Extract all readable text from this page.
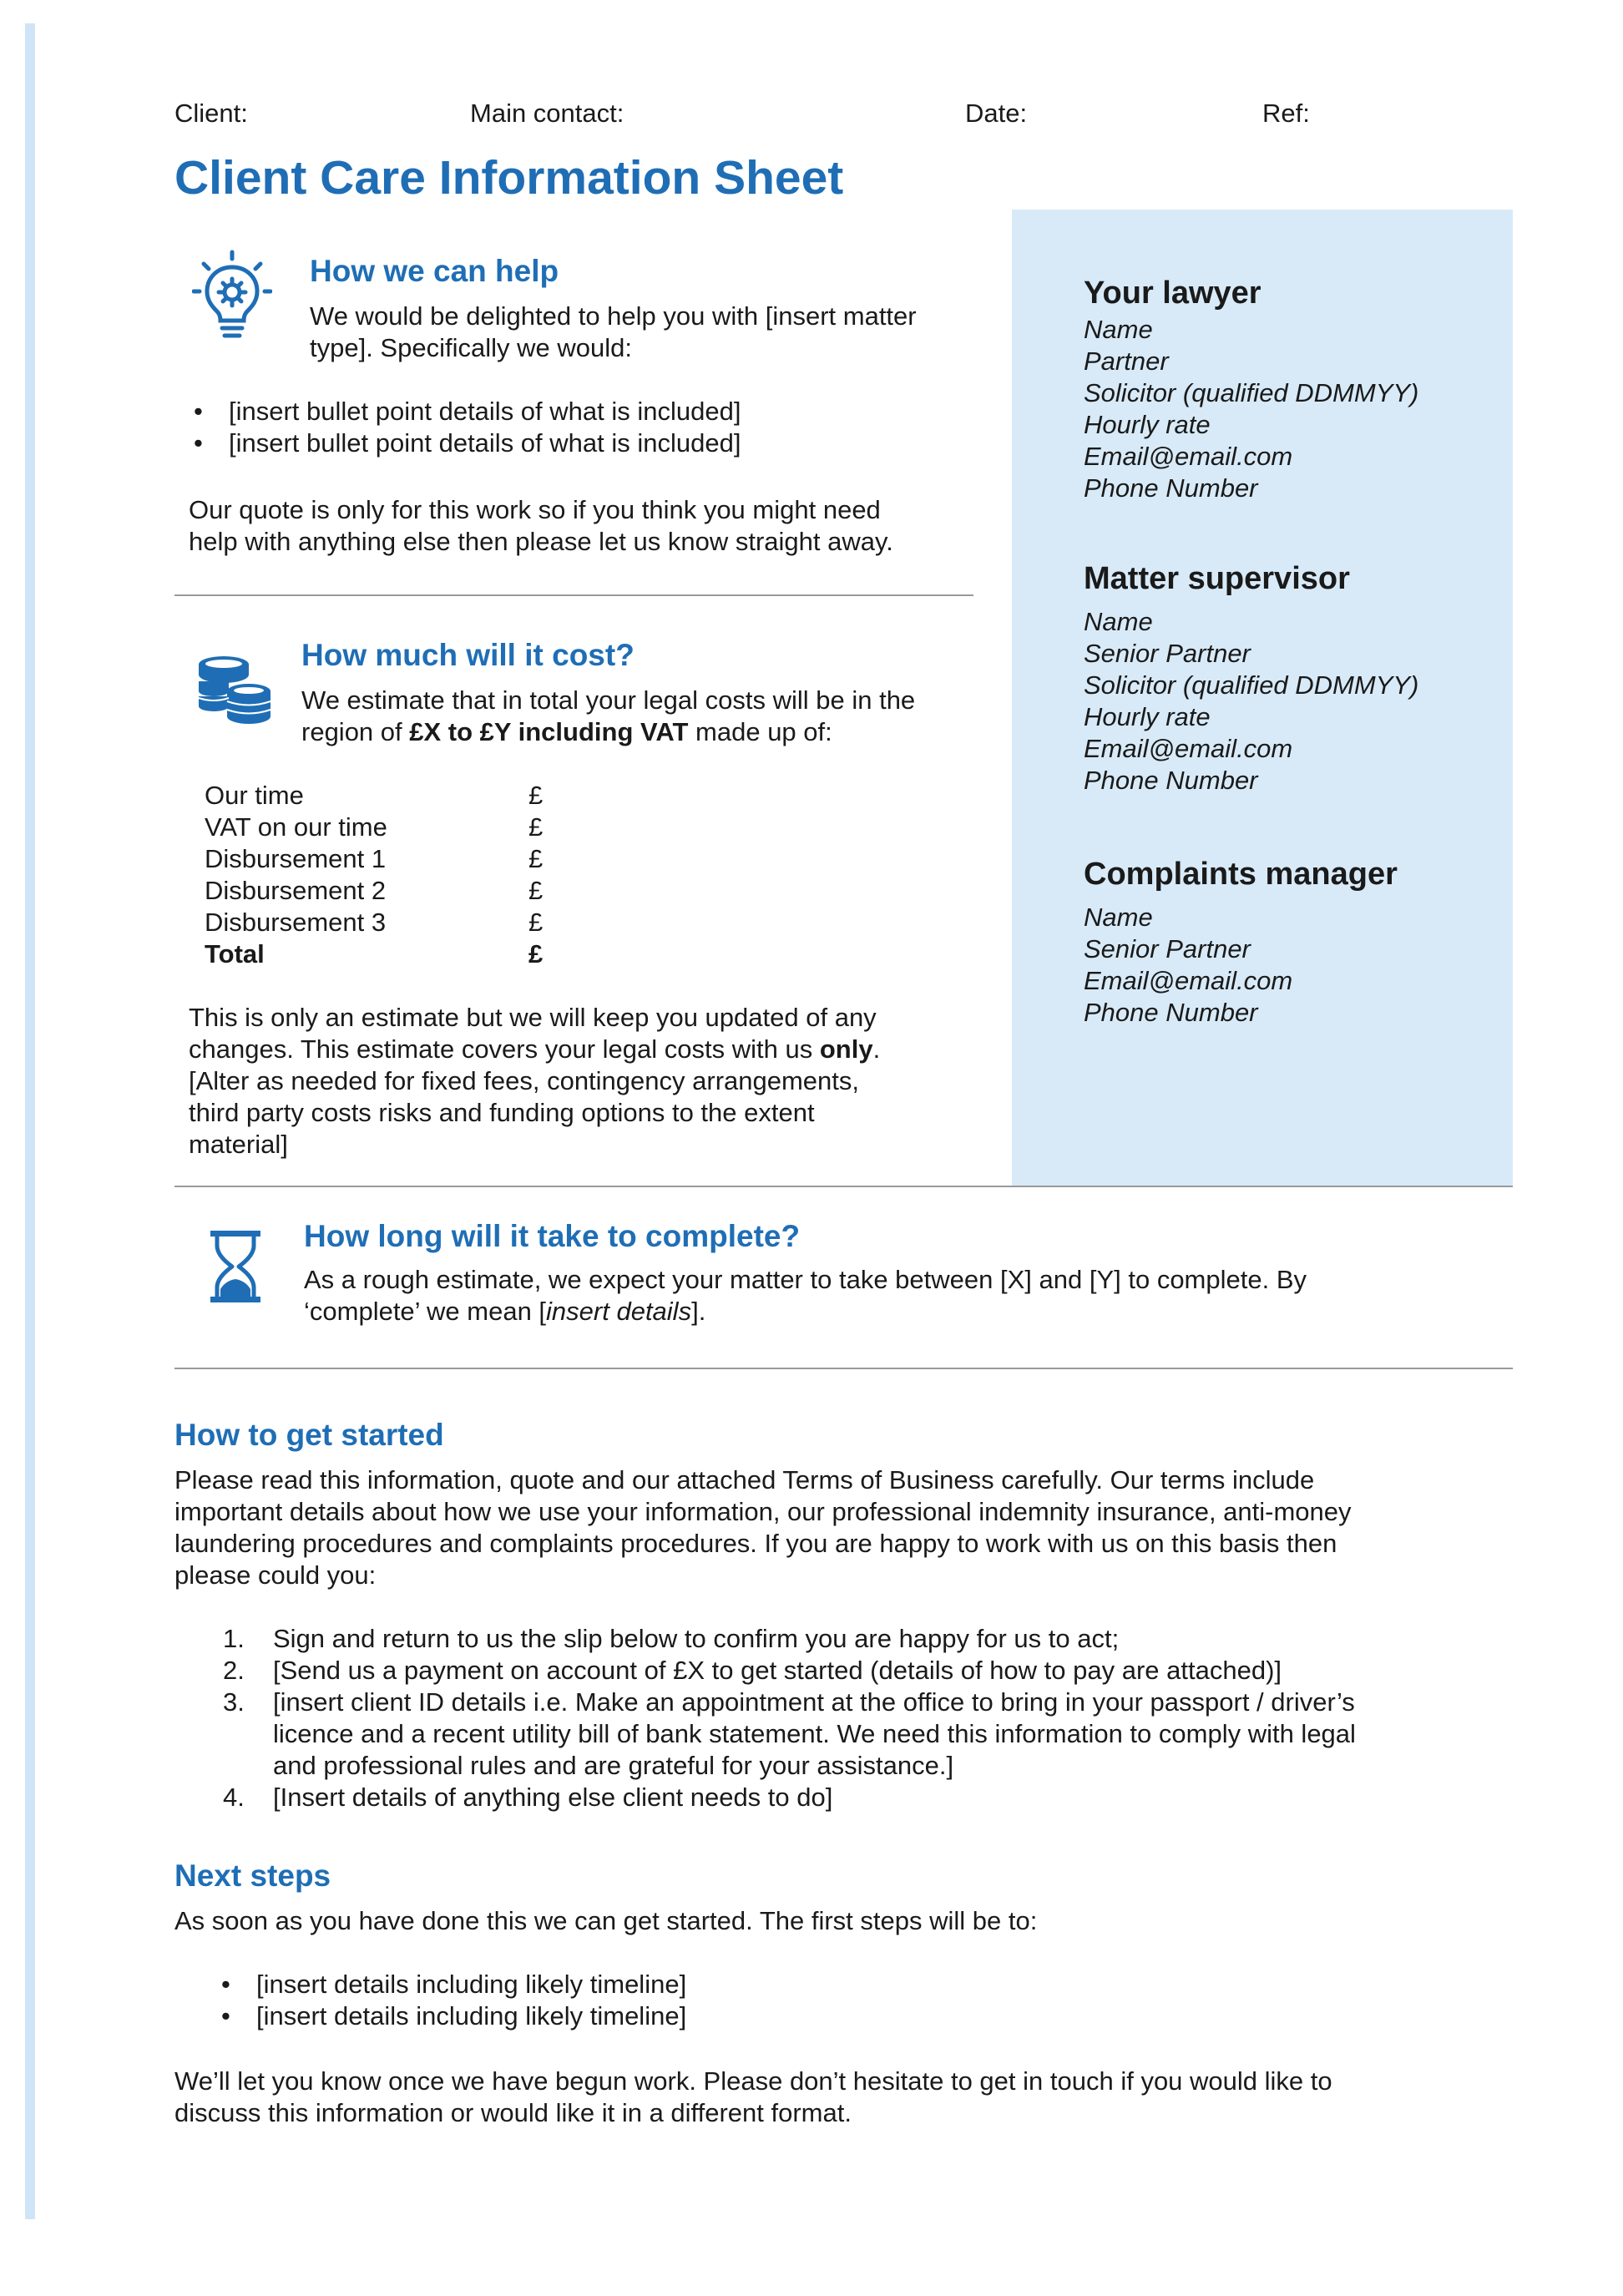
Client:	Main contact:	Date:	Ref:
Client Care Information Sheet
How we can help

We would be delighted to help you with [insert matter

type]. Specifically we would:

• [insert bullet point details of what is included]
• [insert bullet point details of what is included]

Our quote is only for this work so if you think you might need

help with anything else then please let us know straight away.

How much will it cost?

We estimate that in total your legal costs will be in the

region of £X to £Y including VAT made up of:

Our time	£
VAT on our time	£
Disbursement 1	£
Disbursement 2	£
Disbursement 3	£
Total	£

This is only an estimate but we will keep you updated of any

changes. This estimate covers your legal costs with us only.

[Alter as needed for fixed fees, contingency arrangements,

third party costs risks and funding options to the extent

material]

How long will it take to complete?

As a rough estimate, we expect your matter to take between [X] and [Y] to complete. By

‘complete’ we mean [insert details].

Your lawyer
Name
Partner
Solicitor (qualified DDMMYY)
Hourly rate
Email@email.com
Phone Number
Matter supervisor
Name
Senior Partner
Solicitor (qualified DDMMYY)
Hourly rate
Email@email.com
Phone Number
Complaints manager
Name
Senior Partner
Email@email.com
Phone Number
How to get started

Please read this information, quote and our attached Terms of Business carefully. Our terms include

important details about how we use your information, our professional indemnity insurance, anti-money

laundering procedures and complaints procedures. If you are happy to work with us on this basis then

please could you:

1. Sign and return to us the slip below to confirm you are happy for us to act;
2. [Send us a payment on account of £X to get started (details of how to pay are attached)]
3. [insert client ID details i.e. Make an appointment at the office to bring in your passport / driver’s
licence and a recent utility bill of bank statement. We need this information to comply with legal
and professional rules and are grateful for your assistance.]
4. [Insert details of anything else client needs to do]
Next steps
As soon as you have done this we can get started. The first steps will be to:
• [insert details including likely timeline]
• [insert details including likely timeline]

We’ll let you know once we have begun work. Please don’t hesitate to get in touch if you would like to

discuss this information or would like it in a different format.
